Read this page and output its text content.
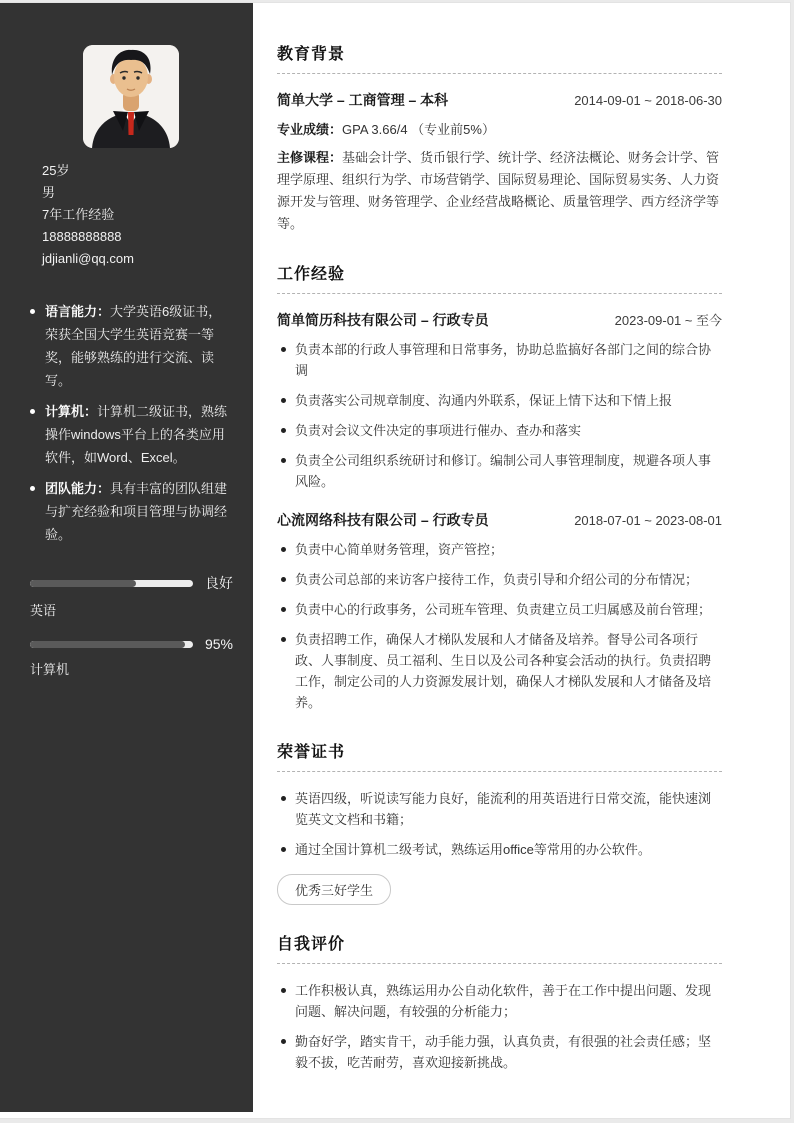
25岁
男
7年工作经验
18888888888
jdjianli@qq.com
语言能力：大学英语6级证书，荣获全国大学生英语竞赛一等奖，能够熟练的进行交流、读写。
计算机：计算机二级证书，熟练操作windows平台上的各类应用软件，如Word、Excel。
团队能力：具有丰富的团队组建与扩充经验和项目管理与协调经验。
良好
英语
95%
计算机
教育背景
简单大学 – 工商管理 – 本科	2014-09-01 ~ 2018-06-30

专业成绩：GPA 3.66/4 （专业前5%）

主修课程：基础会计学、货币银行学、统计学、经济法概论、财务会计学、管理学原理、组织行为学、市场营销学、国际贸易理论、国际贸易实务、人力资源开发与管理、财务管理学、企业经营战略概论、质量管理学、西方经济学等等。

工作经验
简单简历科技有限公司 – 行政专员	2023-09-01 ~ 至今
负责本部的行政人事管理和日常事务，协助总监搞好各部门之间的综合协调
负责落实公司规章制度、沟通内外联系，保证上情下达和下情上报
负责对会议文件决定的事项进行催办、查办和落实
负责全公司组织系统研讨和修订。编制公司人事管理制度，规避各项人事风险。
心流网络科技有限公司 – 行政专员	2018-07-01 ~ 2023-08-01
负责中心简单财务管理，资产管控；
负责公司总部的来访客户接待工作，负责引导和介绍公司的分布情况；
负责中心的行政事务，公司班车管理、负责建立员工归属感及前台管理；
负责招聘工作，确保人才梯队发展和人才储备及培养。督导公司各项行政、人事制度、员工福利、生日以及公司各种宴会活动的执行。负责招聘工作，制定公司的人力资源发展计划，确保人才梯队发展和人才储备及培养。
荣誉证书
英语四级，听说读写能力良好，能流利的用英语进行日常交流，能快速浏览英文文档和书籍；
通过全国计算机二级考试，熟练运用office等常用的办公软件。
优秀三好学生
自我评价
工作积极认真，熟练运用办公自动化软件，善于在工作中提出问题、发现问题、解决问题，有较强的分析能力；
勤奋好学，踏实肯干，动手能力强，认真负责，有很强的社会责任感；坚毅不拔，吃苦耐劳，喜欢迎接新挑战。
